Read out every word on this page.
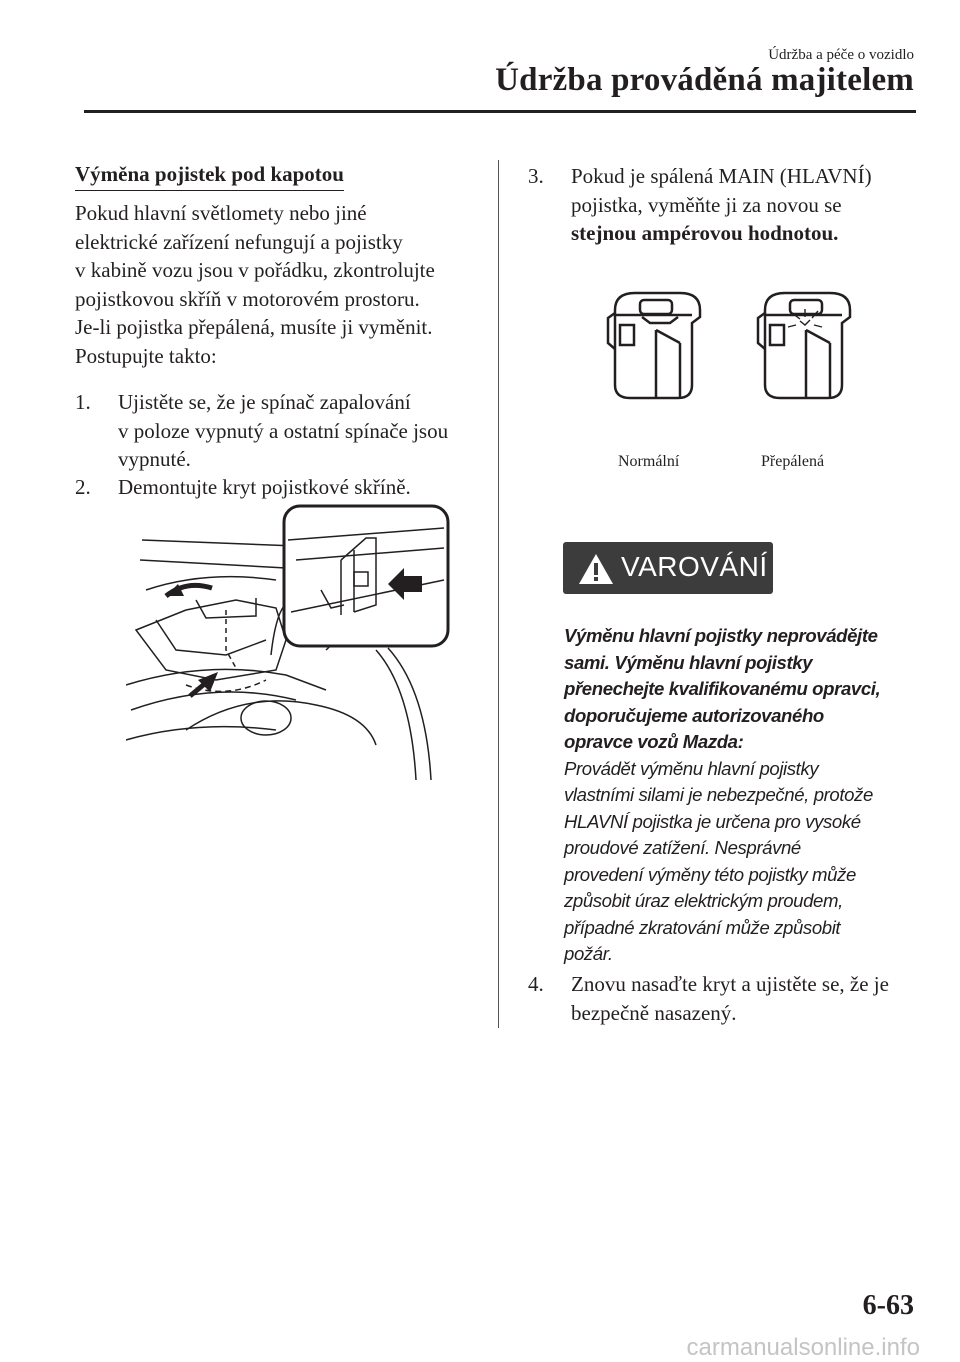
Údržba a péče o vozidlo
Údržba prováděná majitelem
Výměna pojistek pod kapotou
Pokud hlavní světlomety nebo jiné
elektrické zařízení nefungují a pojistky
v kabině vozu jsou v pořádku, zkontrolujte
pojistkovou skříň v motorovém prostoru.
Je-li pojistka přepálená, musíte ji vyměnit.
Postupujte takto:
1.	Ujistěte se, že je spínač zapalování
v poloze vypnutý a ostatní spínače jsou
vypnuté.
2.	Demontujte kryt pojistkové skříně.
3.	Pokud je spálená MAIN (HLAVNÍ)
pojistka, vyměňte ji za novou se
stejnou ampérovou hodnotou.
Normální	Přepálená
VAROVÁNÍ
Výměnu hlavní pojistky neprovádějte
sami. Výměnu hlavní pojistky
přenechejte kvalifikovanému opravci,
doporučujeme autorizovaného
opravce vozů Mazda:
Provádět výměnu hlavní pojistky
vlastními silami je nebezpečné, protože
HLAVNÍ pojistka je určena pro vysoké
proudové zatížení. Nesprávné
provedení výměny této pojistky může
způsobit úraz elektrickým proudem,
případné zkratování může způsobit
požár.
4.	Znovu nasaďte kryt a ujistěte se, že je
bezpečně nasazený.
6-63
carmanualsonline.info
